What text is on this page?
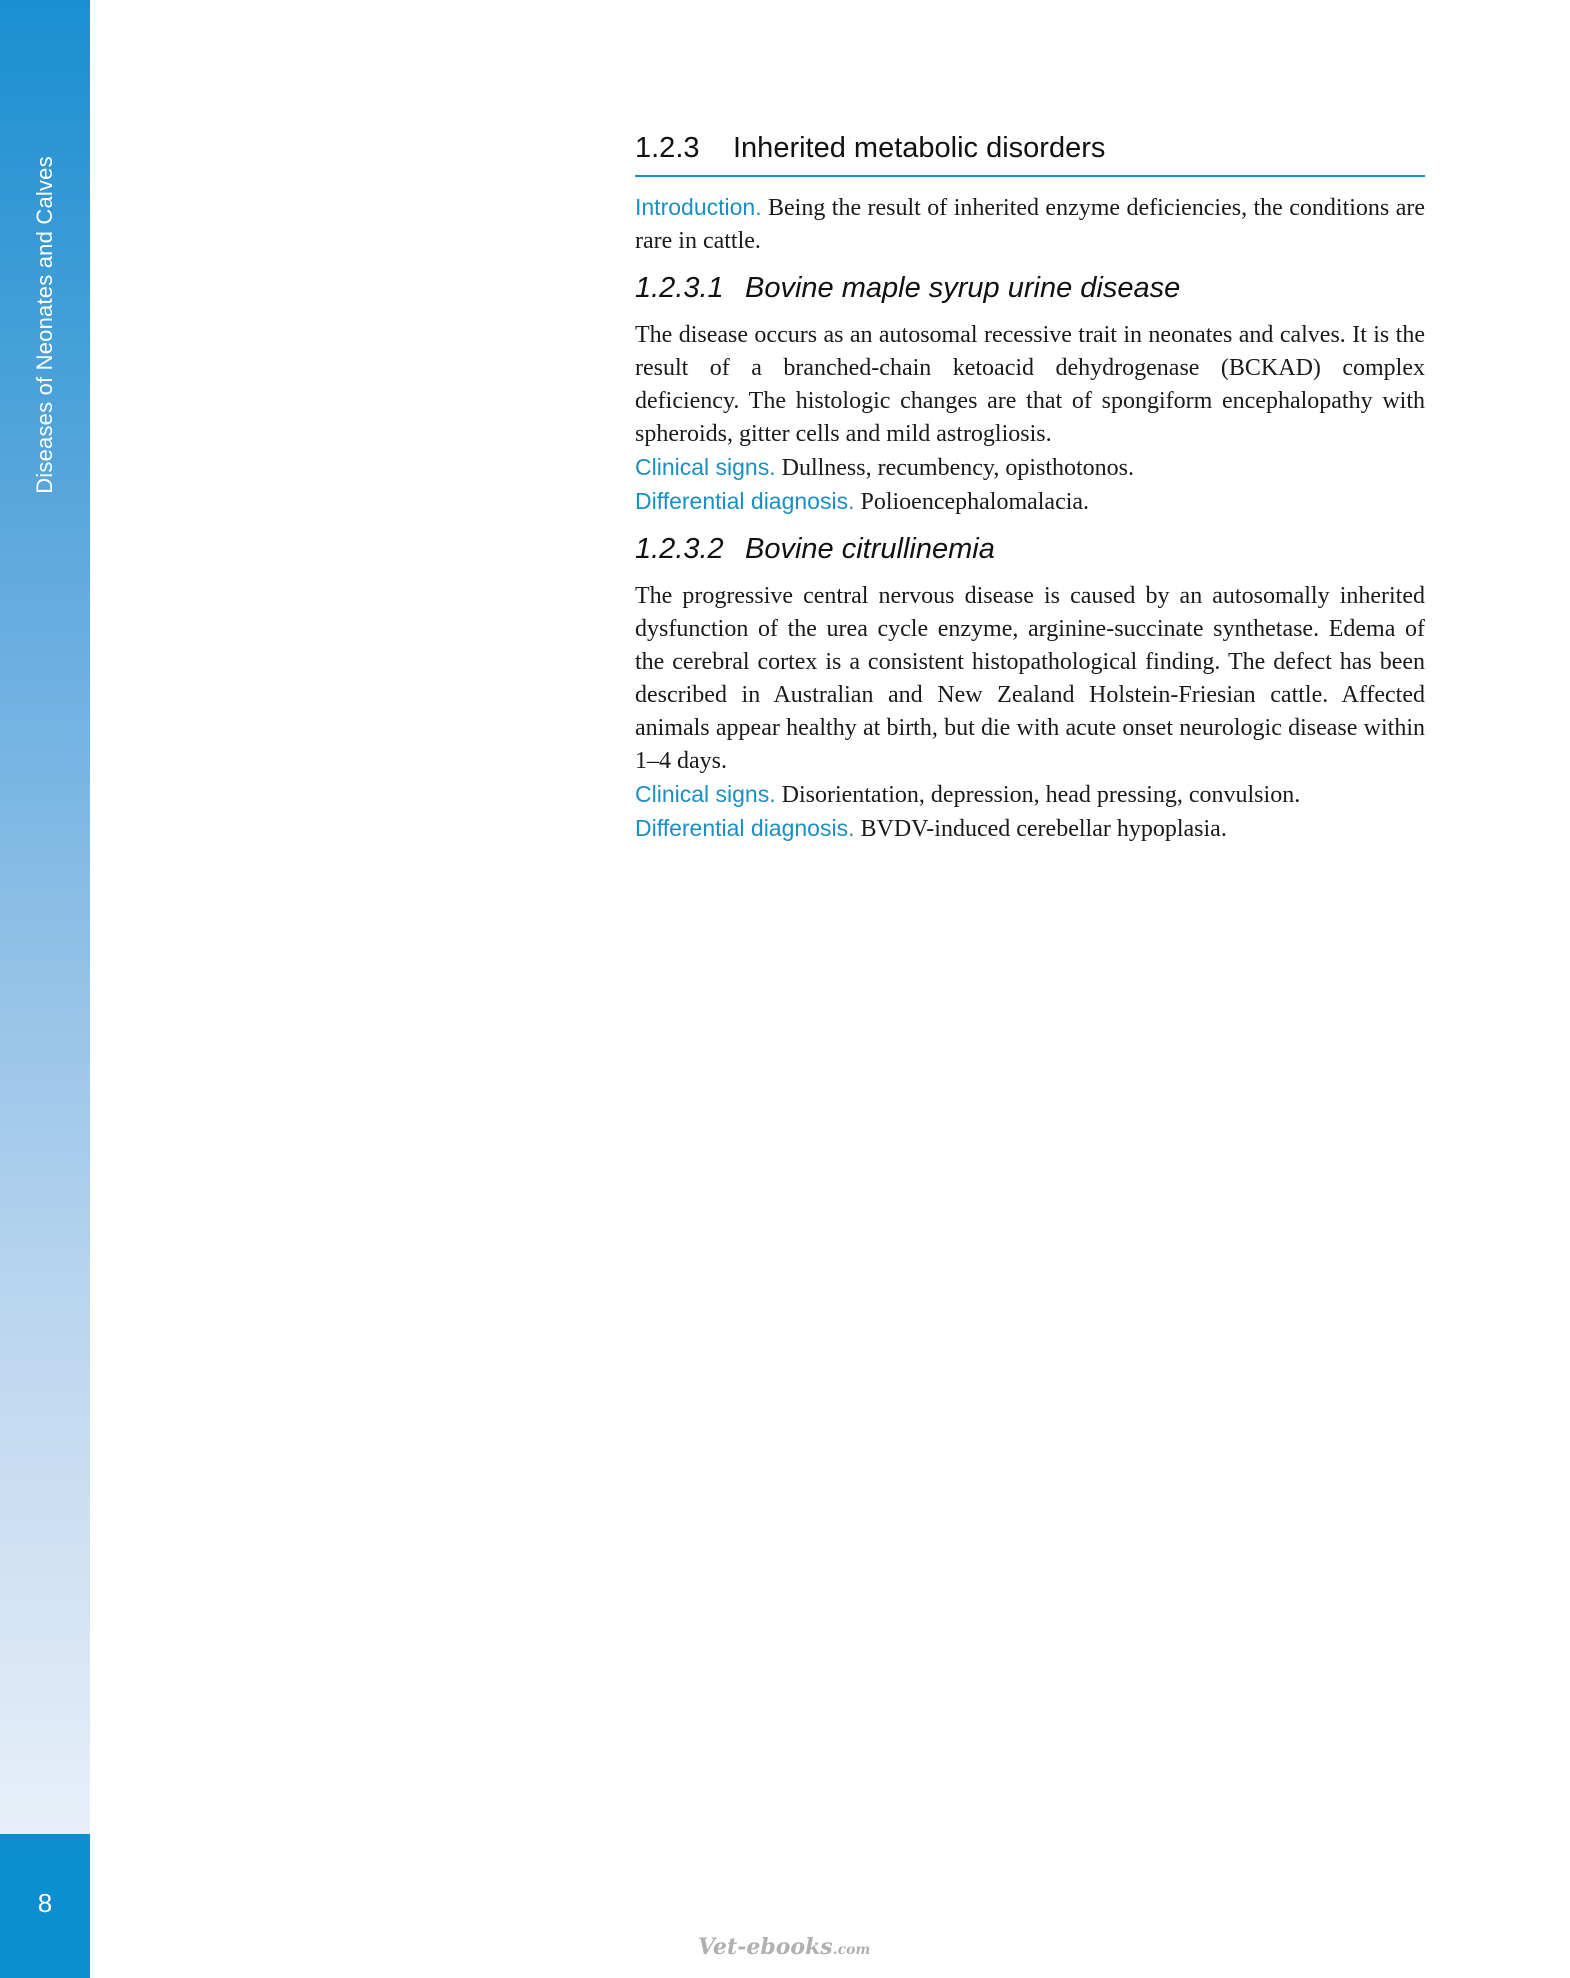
Diseases of Neonates and Calves
8
1.2.3 Inherited metabolic disorders

Introduction. Being the result of inherited enzyme deficiencies, the conditions are rare in cattle.

1.2.3.1 Bovine maple syrup urine disease

The disease occurs as an autosomal recessive trait in neonates and calves. It is the result of a branched-chain ketoacid dehydrogenase (BCKAD) complex deficiency. The histologic changes are that of spongiform encephalopathy with spheroids, gitter cells and mild astrogliosis.

Clinical signs. Dullness, recumbency, opisthotonos.

Differential diagnosis. Polioencephalomalacia.

1.2.3.2 Bovine citrullinemia

The progressive central nervous disease is caused by an autosomally inherited dysfunction of the urea cycle enzyme, arginine-succinate synthetase. Edema of the cerebral cortex is a consistent histopathological finding. The defect has been described in Australian and New Zealand Holstein-Friesian cattle. Affected animals appear healthy at birth, but die with acute onset neurologic disease within 1–4 days.

Clinical signs. Disorientation, depression, head pressing, convulsion.

Differential diagnosis. BVDV-induced cerebellar hypoplasia.

Vet-ebooks.com
